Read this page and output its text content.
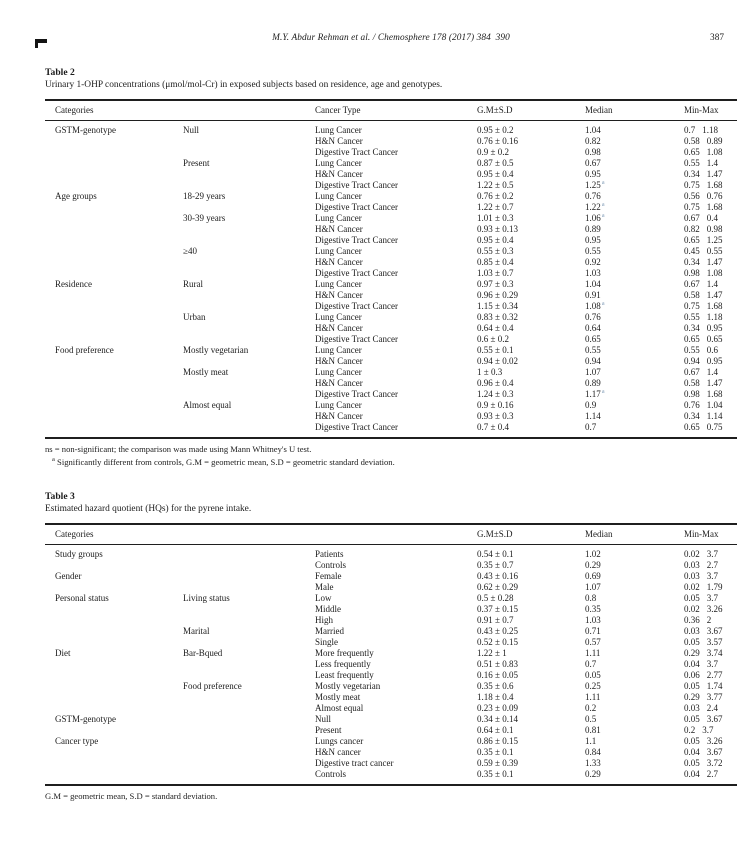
M.Y. Abdur Rehman et al. / Chemosphere 178 (2017) 384 390	387
Table 2
Urinary 1-OHP concentrations (μmol/mol-Cr) in exposed subjects based on residence, age and genotypes.
Categories		Cancer Type	G.M±S.D	Median	Min-Max
GSTM-genotype	Null	Lung Cancer	0.95 ± 0.2	1.04	0.7 1.18
		H&N Cancer	0.76 ± 0.16	0.82	0.58 0.89
		Digestive Tract Cancer	0.9 ± 0.2	0.98	0.65 1.08
	Present	Lung Cancer	0.87 ± 0.5	0.67	0.55 1.4
		H&N Cancer	0.95 ± 0.4	0.95	0.34 1.47
		Digestive Tract Cancer	1.22 ± 0.5	1.25$^a$	0.75 1.68
Age groups	18-29 years	Lung Cancer	0.76 ± 0.2	0.76	0.56 0.76
		Digestive Tract Cancer	1.22 ± 0.7	1.22$^a$	0.75 1.68
	30-39 years	Lung Cancer	1.01 ± 0.3	1.06$^a$	0.67 0.4
		H&N Cancer	0.93 ± 0.13	0.89	0.82 0.98
		Digestive Tract Cancer	0.95 ± 0.4	0.95	0.65 1.25
	≥40	Lung Cancer	0.55 ± 0.3	0.55	0.45 0.55
		H&N Cancer	0.85 ± 0.4	0.92	0.34 1.47
		Digestive Tract Cancer	1.03 ± 0.7	1.03	0.98 1.08
Residence	Rural	Lung Cancer	0.97 ± 0.3	1.04	0.67 1.4
		H&N Cancer	0.96 ± 0.29	0.91	0.58 1.47
		Digestive Tract Cancer	1.15 ± 0.34	1.08$^a$	0.75 1.68
	Urban	Lung Cancer	0.83 ± 0.32	0.76	0.55 1.18
		H&N Cancer	0.64 ± 0.4	0.64	0.34 0.95
		Digestive Tract Cancer	0.6 ± 0.2	0.65	0.65 0.65
Food preference	Mostly vegetarian	Lung Cancer	0.55 ± 0.1	0.55	0.55 0.6
		H&N Cancer	0.94 ± 0.02	0.94	0.94 0.95
	Mostly meat	Lung Cancer	1 ± 0.3	1.07	0.67 1.4
		H&N Cancer	0.96 ± 0.4	0.89	0.58 1.47
		Digestive Tract Cancer	1.24 ± 0.3	1.17$^a$	0.98 1.68
	Almost equal	Lung Cancer	0.9 ± 0.16	0.9	0.76 1.04
		H&N Cancer	0.93 ± 0.3	1.14	0.34 1.14
		Digestive Tract Cancer	0.7 ± 0.4	0.7	0.65 0.75
ns = non-significant; the comparison was made using Mann Whitney's U test.
$^a$ Significantly different from controls, G.M = geometric mean, S.D = geometric standard deviation.
Table 3
Estimated hazard quotient (HQs) for the pyrene intake.
Categories			G.M±S.D	Median	Min-Max
Study groups		Patients	0.54 ± 0.1	1.02	0.02 3.7
		Controls	0.35 ± 0.7	0.29	0.03 2.7
Gender		Female	0.43 ± 0.16	0.69	0.03 3.7
		Male	0.62 ± 0.29	1.07	0.02 1.79
Personal status	Living status	Low	0.5 ± 0.28	0.8	0.05 3.7
		Middle	0.37 ± 0.15	0.35	0.02 3.26
		High	0.91 ± 0.7	1.03	0.36 2
	Marital	Married	0.43 ± 0.25	0.71	0.03 3.67
		Single	0.52 ± 0.15	0.57	0.05 3.57
Diet	Bar-Bqued	More frequently	1.22 ± 1	1.11	0.29 3.74
		Less frequently	0.51 ± 0.83	0.7	0.04 3.7
		Least frequently	0.16 ± 0.05	0.05	0.06 2.77
	Food preference	Mostly vegetarian	0.35 ± 0.6	0.25	0.05 1.74
		Mostly meat	1.18 ± 0.4	1.11	0.29 3.77
		Almost equal	0.23 ± 0.09	0.2	0.03 2.4
GSTM-genotype		Null	0.34 ± 0.14	0.5	0.05 3.67
		Present	0.64 ± 0.1	0.81	0.2 3.7
Cancer type		Lungs cancer	0.86 ± 0.15	1.1	0.05 3.26
		H&N cancer	0.35 ± 0.1	0.84	0.04 3.67
		Digestive tract cancer	0.59 ± 0.39	1.33	0.05 3.72
		Controls	0.35 ± 0.1	0.29	0.04 2.7
G.M = geometric mean, S.D = standard deviation.
